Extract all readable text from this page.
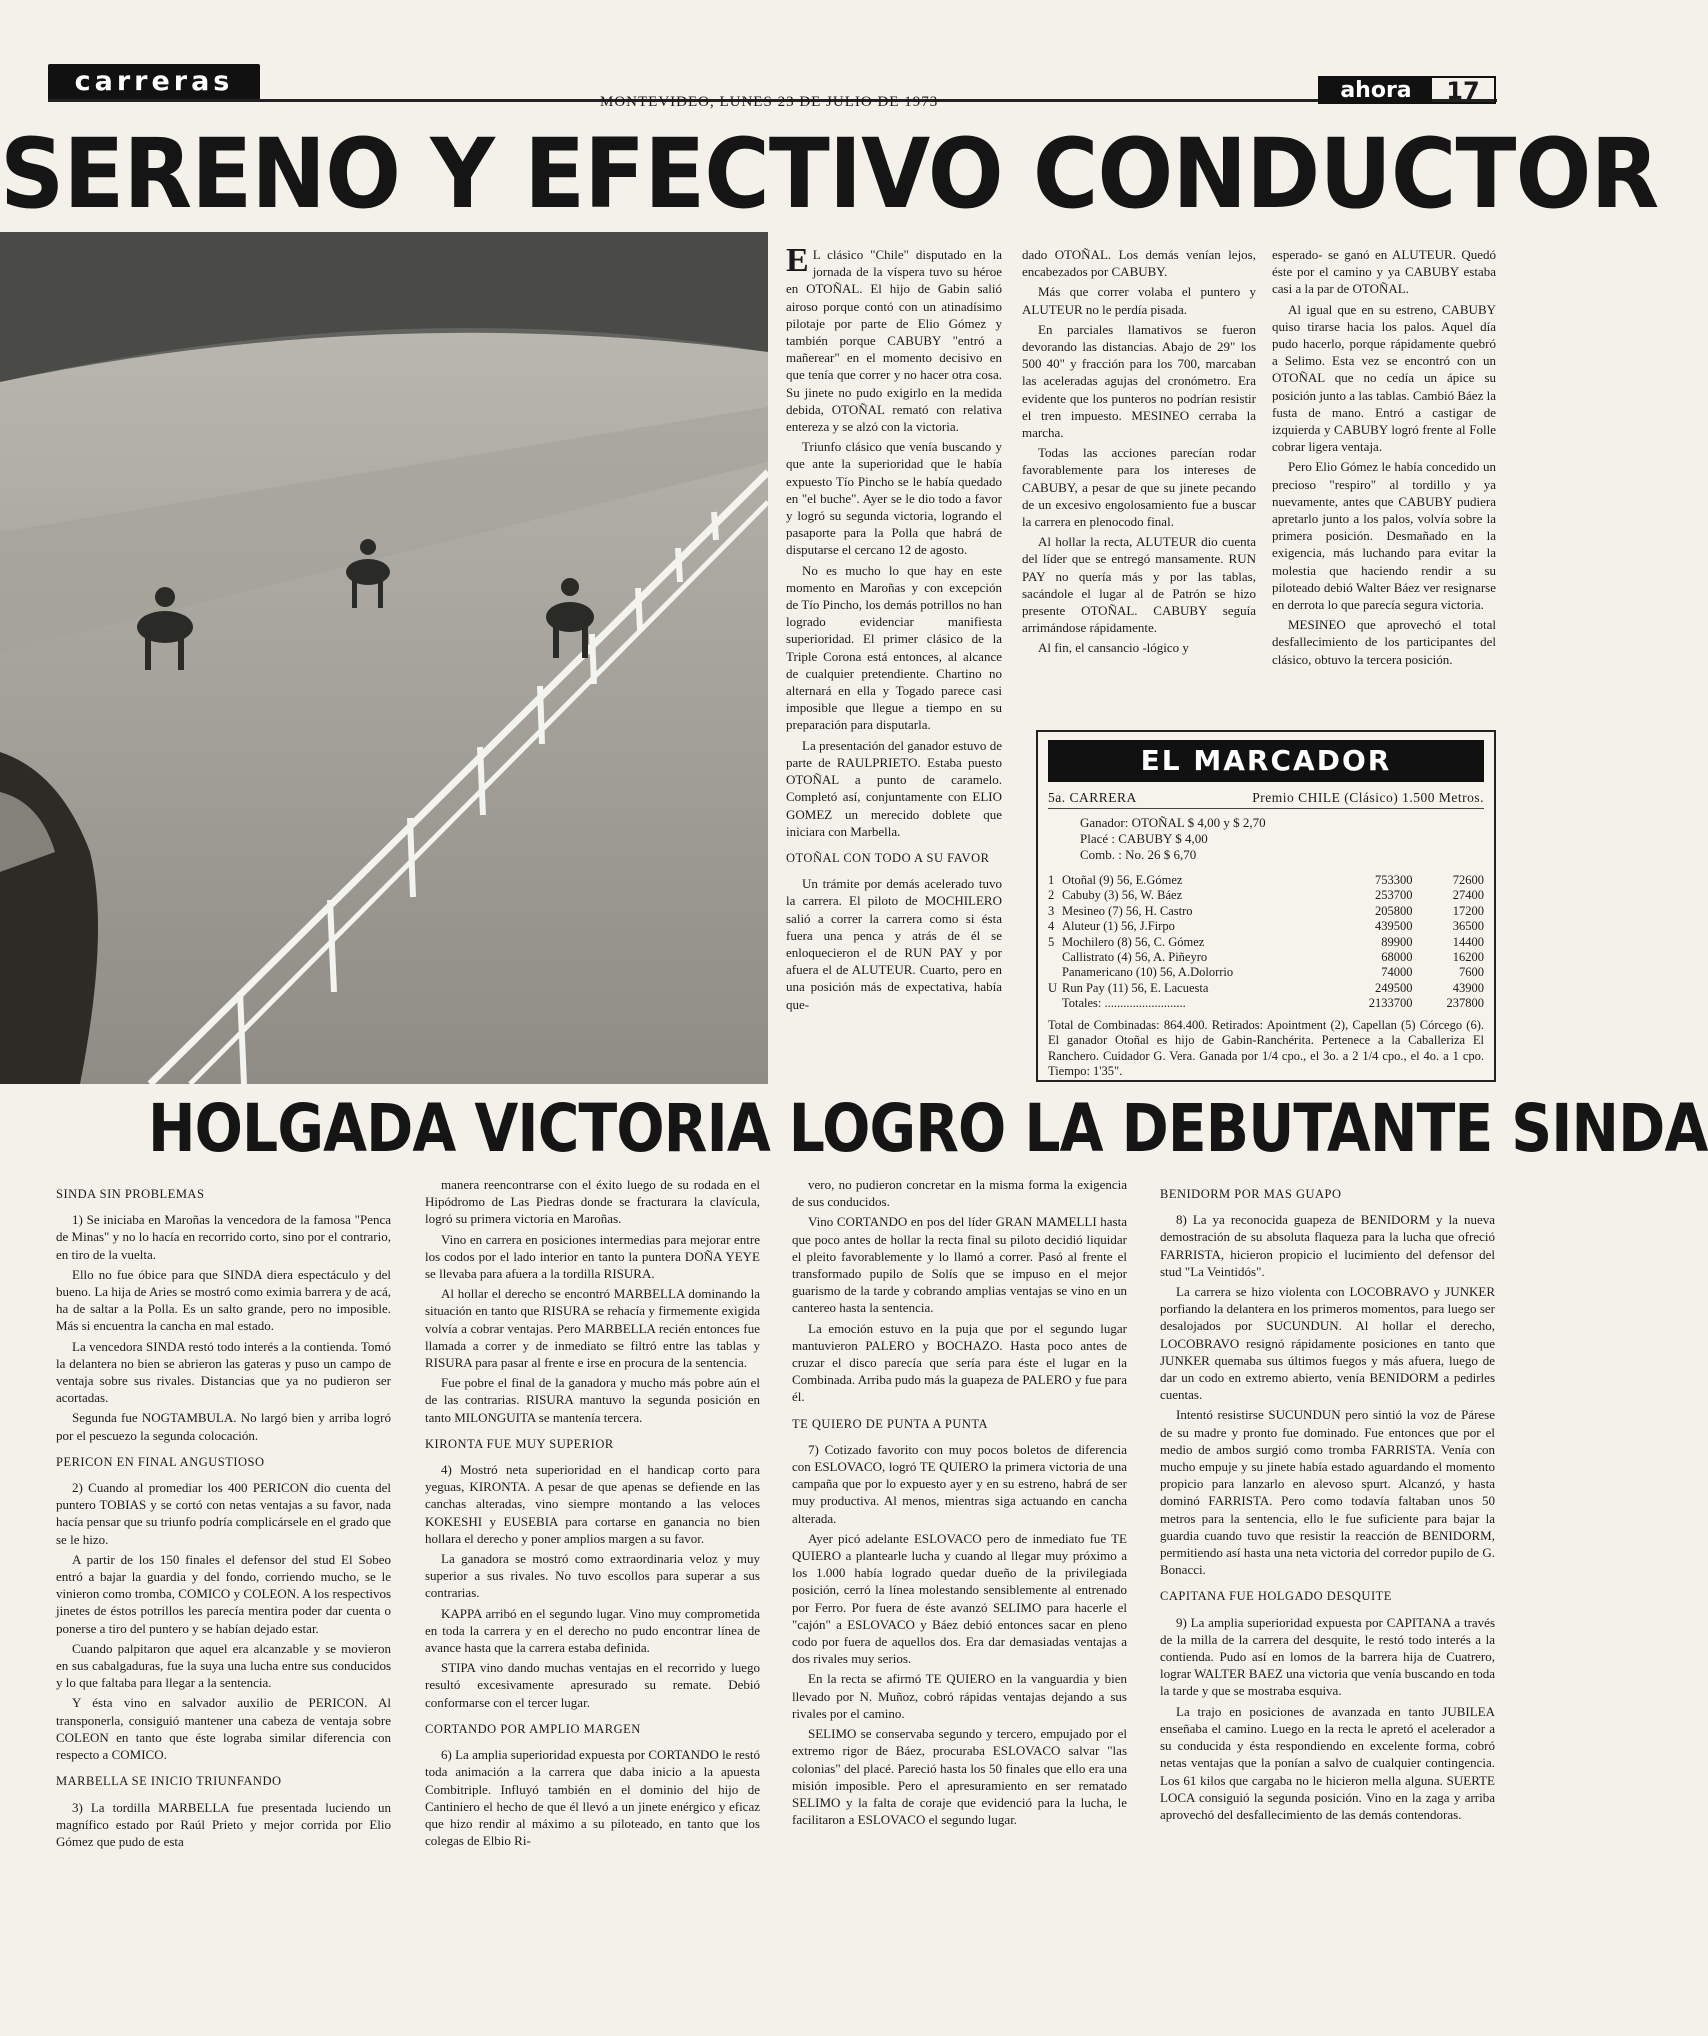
carreras
MONTEVIDEO, LUNES 23 DE JULIO DE 1973	ahora	17
SERENO Y EFECTIVO CONDUCTOR

EL clásico "Chile" disputado en la jornada de la víspera tuvo su héroe en OTOÑAL. El hijo de Gabin salió airoso porque contó con un atinadísimo pilotaje por parte de Elio Gómez y también porque CABUBY "entró a mañerear" en el momento decisivo en que tenía que correr y no hacer otra cosa. Su jinete no pudo exigirlo en la medida debida, OTOÑAL remató con relativa entereza y se alzó con la victoria.

Triunfo clásico que venía buscando y que ante la superioridad que le había expuesto Tío Pincho se le había quedado en "el buche". Ayer se le dio todo a favor y logró su segunda victoria, logrando el pasaporte para la Polla que habrá de disputarse el cercano 12 de agosto.

No es mucho lo que hay en este momento en Maroñas y con excepción de Tío Pincho, los demás potrillos no han logrado evidenciar manifiesta superioridad. El primer clásico de la Triple Corona está entonces, al alcance de cualquier pretendiente. Chartino no alternará en ella y Togado parece casi imposible que llegue a tiempo en su preparación para disputarla.

La presentación del ganador estuvo de parte de RAULPRIETO. Estaba puesto OTOÑAL a punto de caramelo. Completó así, conjuntamente con ELIO GOMEZ un merecido doblete que iniciara con Marbella.

OTOÑAL CON TODO A SU FAVOR

Un trámite por demás acelerado tuvo la carrera. El piloto de MOCHILERO salió a correr la carrera como si ésta fuera una penca y atrás de él se enloquecieron el de RUN PAY y por afuera el de ALUTEUR. Cuarto, pero en una posición más de expectativa, había que-

dado OTOÑAL. Los demás venían lejos, encabezados por CABUBY.

Más que correr volaba el puntero y ALUTEUR no le perdía pisada.

En parciales llamativos se fueron devorando las distancias. Abajo de 29" los 500 40" y fracción para los 700, marcaban las aceleradas agujas del cronómetro. Era evidente que los punteros no podrían resistir el tren impuesto. MESINEO cerraba la marcha.

Todas las acciones parecían rodar favorablemente para los intereses de CABUBY, a pesar de que su jinete pecando de un excesivo engolosamiento fue a buscar la carrera en plenocodo final.

Al hollar la recta, ALUTEUR dio cuenta del líder que se entregó mansamente. RUN PAY no quería más y por las tablas, sacándole el lugar al de Patrón se hizo presente OTOÑAL. CABUBY seguía arrimándose rápidamente.

Al fin, el cansancio -lógico y

esperado- se ganó en ALUTEUR. Quedó éste por el camino y ya CABUBY estaba casi a la par de OTOÑAL.

Al igual que en su estreno, CABUBY quiso tirarse hacia los palos. Aquel día pudo hacerlo, porque rápidamente quebró a Selimo. Esta vez se encontró con un OTOÑAL que no cedía un ápice su posición junto a las tablas. Cambió Báez la fusta de mano. Entró a castigar de izquierda y CABUBY logró frente al Folle cobrar ligera ventaja.

Pero Elio Gómez le había concedido un precioso "respiro" al tordillo y ya nuevamente, antes que CABUBY pudiera apretarlo junto a los palos, volvía sobre la primera posición. Desmañado en la exigencia, más luchando para evitar la molestia que haciendo rendir a su piloteado debió Walter Báez ver resignarse en derrota lo que parecía segura victoria.

MESINEO que aprovechó el total desfallecimiento de los participantes del clásico, obtuvo la tercera posición.

EL MARCADOR
5a. CARRERA	Premio CHILE (Clásico) 1.500 Metros.
Ganador: OTOÑAL $ 4,00 y $ 2,70
Placé : CABUBY $ 4,00
Comb. : No. 26 $ 6,70
1	Otoñal (9) 56, E.Gómez	753300	72600
2	Cabuby (3) 56, W. Báez	253700	27400
3	Mesineo (7) 56, H. Castro	205800	17200
4	Aluteur (1) 56, J.Firpo	439500	36500
5	Mochilero (8) 56, C. Gómez	89900	14400
	Callistrato (4) 56, A. Piñeyro	68000	16200
	Panamericano (10) 56, A.Dolorrio	74000	7600
U	Run Pay (11) 56, E. Lacuesta	249500	43900
	Totales: ..........................	2133700	237800
Total de Combinadas: 864.400. Retirados: Apointment (2), Capellan (5) Córcego (6). El ganador Otoñal es hijo de Gabin-Ranchérita. Pertenece a la Caballeriza El Ranchero. Cuidador G. Vera. Ganada por 1/4 cpo., el 3o. a 2 1/4 cpo., el 4o. a 1 cpo. Tiempo: 1'35".
HOLGADA VICTORIA LOGRO LA DEBUTANTE SINDA

SINDA SIN PROBLEMAS

1) Se iniciaba en Maroñas la vencedora de la famosa "Penca de Minas" y no lo hacía en recorrido corto, sino por el contrario, en tiro de la vuelta.

Ello no fue óbice para que SINDA diera espectáculo y del bueno. La hija de Aries se mostró como eximia barrera y de acá, ha de saltar a la Polla. Es un salto grande, pero no imposible. Más si encuentra la cancha en mal estado.

La vencedora SINDA restó todo interés a la contienda. Tomó la delantera no bien se abrieron las gateras y puso un campo de ventaja sobre sus rivales. Distancias que ya no pudieron ser acortadas.

Segunda fue NOGTAMBULA. No largó bien y arriba logró por el pescuezo la segunda colocación.

PERICON EN FINAL ANGUSTIOSO

2) Cuando al promediar los 400 PERICON dio cuenta del puntero TOBIAS y se cortó con netas ventajas a su favor, nada hacía pensar que su triunfo podría complicársele en el grado que se le hizo.

A partir de los 150 finales el defensor del stud El Sobeo entró a bajar la guardia y del fondo, corriendo mucho, se le vinieron como tromba, COMICO y COLEON. A los respectivos jinetes de éstos potrillos les parecía mentira poder dar cuenta o ponerse a tiro del puntero y se habían dejado estar.

Cuando palpitaron que aquel era alcanzable y se movieron en sus cabalgaduras, fue la suya una lucha entre sus conducidos y lo que faltaba para llegar a la sentencia.

Y ésta vino en salvador auxilio de PERICON. Al transponerla, consiguió mantener una cabeza de ventaja sobre COLEON en tanto que éste lograba similar diferencia con respecto a COMICO.

MARBELLA SE INICIO TRIUNFANDO

3) La tordilla MARBELLA fue presentada luciendo un magnífico estado por Raúl Prieto y mejor corrida por Elio Gómez que pudo de esta

manera reencontrarse con el éxito luego de su rodada en el Hipódromo de Las Piedras donde se fracturara la clavícula, logró su primera victoria en Maroñas.

Vino en carrera en posiciones intermedias para mejorar entre los codos por el lado interior en tanto la puntera DOÑA YEYE se llevaba para afuera a la tordilla RISURA.

Al hollar el derecho se encontró MARBELLA dominando la situación en tanto que RISURA se rehacía y firmemente exigida volvía a cobrar ventajas. Pero MARBELLA recién entonces fue llamada a correr y de inmediato se filtró entre las tablas y RISURA para pasar al frente e irse en procura de la sentencia.

Fue pobre el final de la ganadora y mucho más pobre aún el de las contrarias. RISURA mantuvo la segunda posición en tanto MILONGUITA se mantenía tercera.

KIRONTA FUE MUY SUPERIOR

4) Mostró neta superioridad en el handicap corto para yeguas, KIRONTA. A pesar de que apenas se defiende en las canchas alteradas, vino siempre montando a las veloces KOKESHI y EUSEBIA para cortarse en ganancia no bien hollara el derecho y poner amplios margen a su favor.

La ganadora se mostró como extraordinaria veloz y muy superior a sus rivales. No tuvo escollos para superar a sus contrarias.

KAPPA arribó en el segundo lugar. Vino muy comprometida en toda la carrera y en el derecho no pudo encontrar línea de avance hasta que la carrera estaba definida.

STIPA vino dando muchas ventajas en el recorrido y luego resultó excesivamente apresurado su remate. Debió conformarse con el tercer lugar.

CORTANDO POR AMPLIO MARGEN

6) La amplia superioridad expuesta por CORTANDO le restó toda animación a la carrera que daba inicio a la apuesta Combitriple. Influyó también en el dominio del hijo de Cantiniero el hecho de que él llevó a un jinete enérgico y eficaz que hizo rendir al máximo a su piloteado, en tanto que los colegas de Elbio Ri-

vero, no pudieron concretar en la misma forma la exigencia de sus conducidos.

Vino CORTANDO en pos del líder GRAN MAMELLI hasta que poco antes de hollar la recta final su piloto decidió liquidar el pleito favorablemente y lo llamó a correr. Pasó al frente el transformado pupilo de Solís que se impuso en el mejor guarismo de la tarde y cobrando amplias ventajas se vino en un cantereo hasta la sentencia.

La emoción estuvo en la puja que por el segundo lugar mantuvieron PALERO y BOCHAZO. Hasta poco antes de cruzar el disco parecía que sería para éste el lugar en la Combinada. Arriba pudo más la guapeza de PALERO y fue para él.

TE QUIERO DE PUNTA A PUNTA

7) Cotizado favorito con muy pocos boletos de diferencia con ESLOVACO, logró TE QUIERO la primera victoria de una campaña que por lo expuesto ayer y en su estreno, habrá de ser muy productiva. Al menos, mientras siga actuando en cancha alterada.

Ayer picó adelante ESLOVACO pero de inmediato fue TE QUIERO a plantearle lucha y cuando al llegar muy próximo a los 1.000 había logrado quedar dueño de la privilegiada posición, cerró la línea molestando sensiblemente al entrenado por Ferro. Por fuera de éste avanzó SELIMO para hacerle el "cajón" a ESLOVACO y Báez debió entonces sacar en pleno codo por fuera de aquellos dos. Era dar demasiadas ventajas a dos rivales muy serios.

En la recta se afirmó TE QUIERO en la vanguardia y bien llevado por N. Muñoz, cobró rápidas ventajas dejando a sus rivales por el camino.

SELIMO se conservaba segundo y tercero, empujado por el extremo rigor de Báez, procuraba ESLOVACO salvar "las colonias" del placé. Pareció hasta los 50 finales que ello era una misión imposible. Pero el apresuramiento en ser rematado SELIMO y la falta de coraje que evidenció para la lucha, le facilitaron a ESLOVACO el segundo lugar.

BENIDORM POR MAS GUAPO

8) La ya reconocida guapeza de BENIDORM y la nueva demostración de su absoluta flaqueza para la lucha que ofreció FARRISTA, hicieron propicio el lucimiento del defensor del stud "La Veintidós".

La carrera se hizo violenta con LOCOBRAVO y JUNKER porfiando la delantera en los primeros momentos, para luego ser desalojados por SUCUNDUN. Al hollar el derecho, LOCOBRAVO resignó rápidamente posiciones en tanto que JUNKER quemaba sus últimos fuegos y más afuera, luego de dar un codo en extremo abierto, venía BENIDORM a pedirles cuentas.

Intentó resistirse SUCUNDUN pero sintió la voz de Párese de su madre y pronto fue dominado. Fue entonces que por el medio de ambos surgió como tromba FARRISTA. Venía con mucho empuje y su jinete había estado aguardando el momento propicio para lanzarlo en alevoso spurt. Alcanzó, y hasta dominó FARRISTA. Pero como todavía faltaban unos 50 metros para la sentencia, ello le fue suficiente para bajar la guardia cuando tuvo que resistir la reacción de BENIDORM, permitiendo así hasta una neta victoria del corredor pupilo de G. Bonacci.

CAPITANA FUE HOLGADO DESQUITE

9) La amplia superioridad expuesta por CAPITANA a través de la milla de la carrera del desquite, le restó todo interés a la contienda. Pudo así en lomos de la barrera hija de Cuatrero, lograr WALTER BAEZ una victoria que venía buscando en toda la tarde y que se mostraba esquiva.

La trajo en posiciones de avanzada en tanto JUBILEA enseñaba el camino. Luego en la recta le apretó el acelerador a su conducida y ésta respondiendo en excelente forma, cobró netas ventajas que la ponían a salvo de cualquier contingencia. Los 61 kilos que cargaba no le hicieron mella alguna. SUERTE LOCA consiguió la segunda posición. Vino en la zaga y arriba aprovechó del desfallecimiento de las demás contendoras.
